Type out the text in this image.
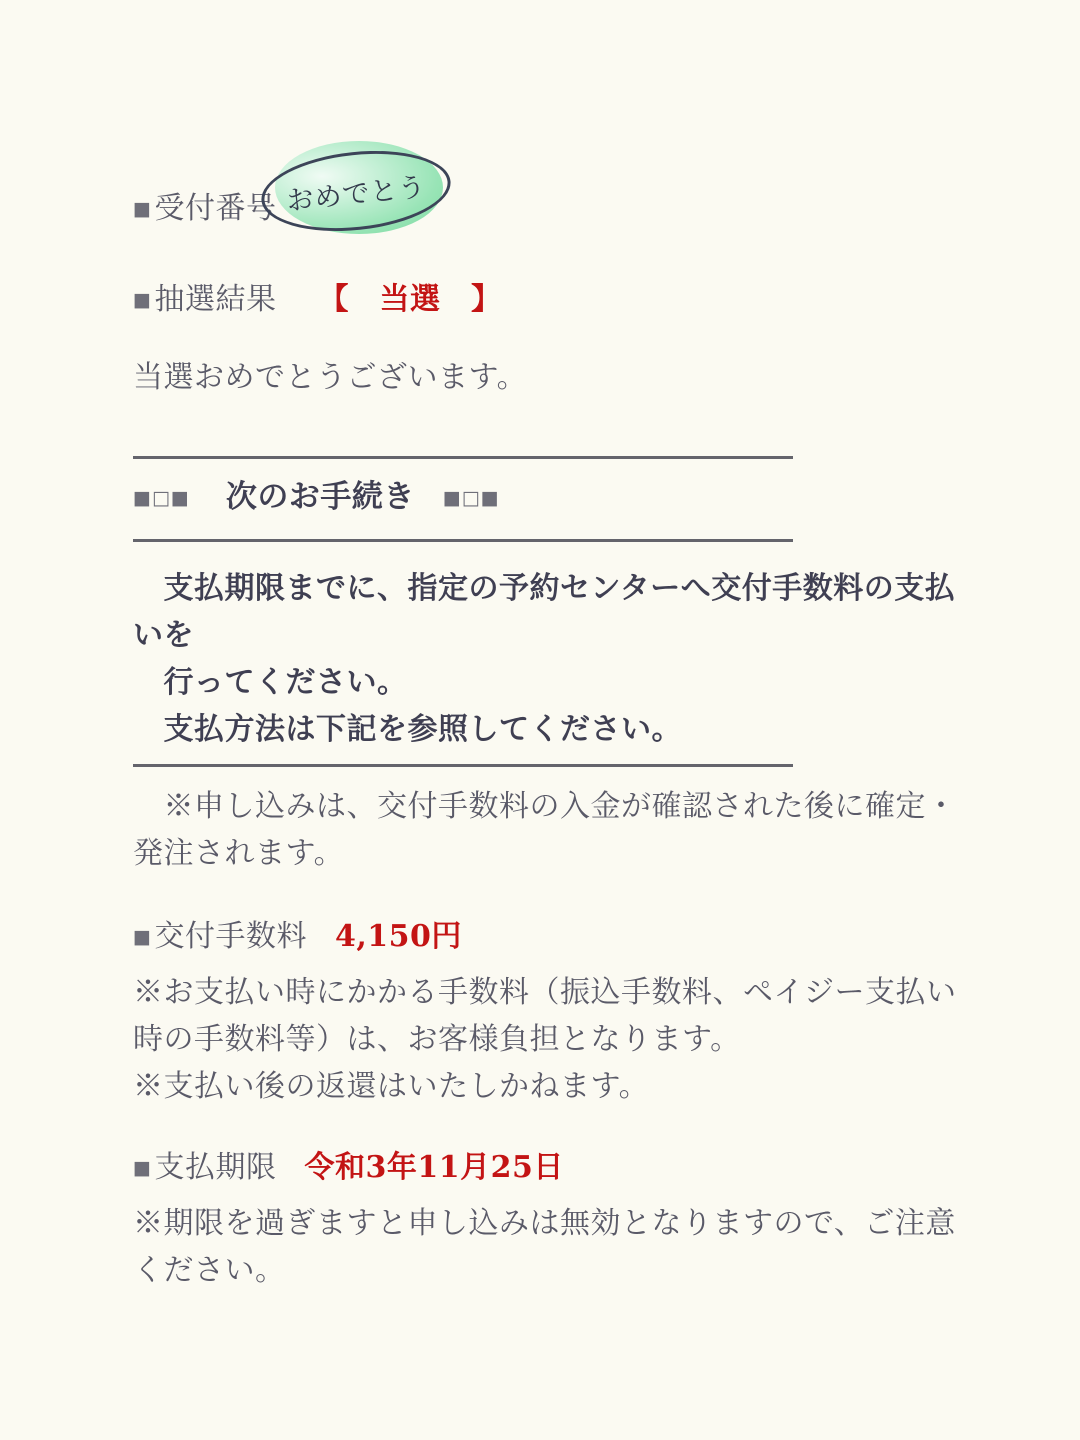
■ 受付番号
■ 抽選結果 【　当選　】
当選おめでとうございます。
■□■ 次のお手続き ■□■
　支払期限までに、指定の予約センターへ交付手数料の支払
いを
　行ってください。
　支払方法は下記を参照してください。
　※申し込みは、交付手数料の入金が確認された後に確定・
発注されます。
■ 交付手数料 4,150円
※お支払い時にかかる手数料（振込手数料、ペイジー支払い
時の手数料等）は、お客様負担となります。
※支払い後の返還はいたしかねます。
■ 支払期限 令和3年11月25日
※期限を過ぎますと申し込みは無効となりますので、ご注意
ください。
おめでとう
